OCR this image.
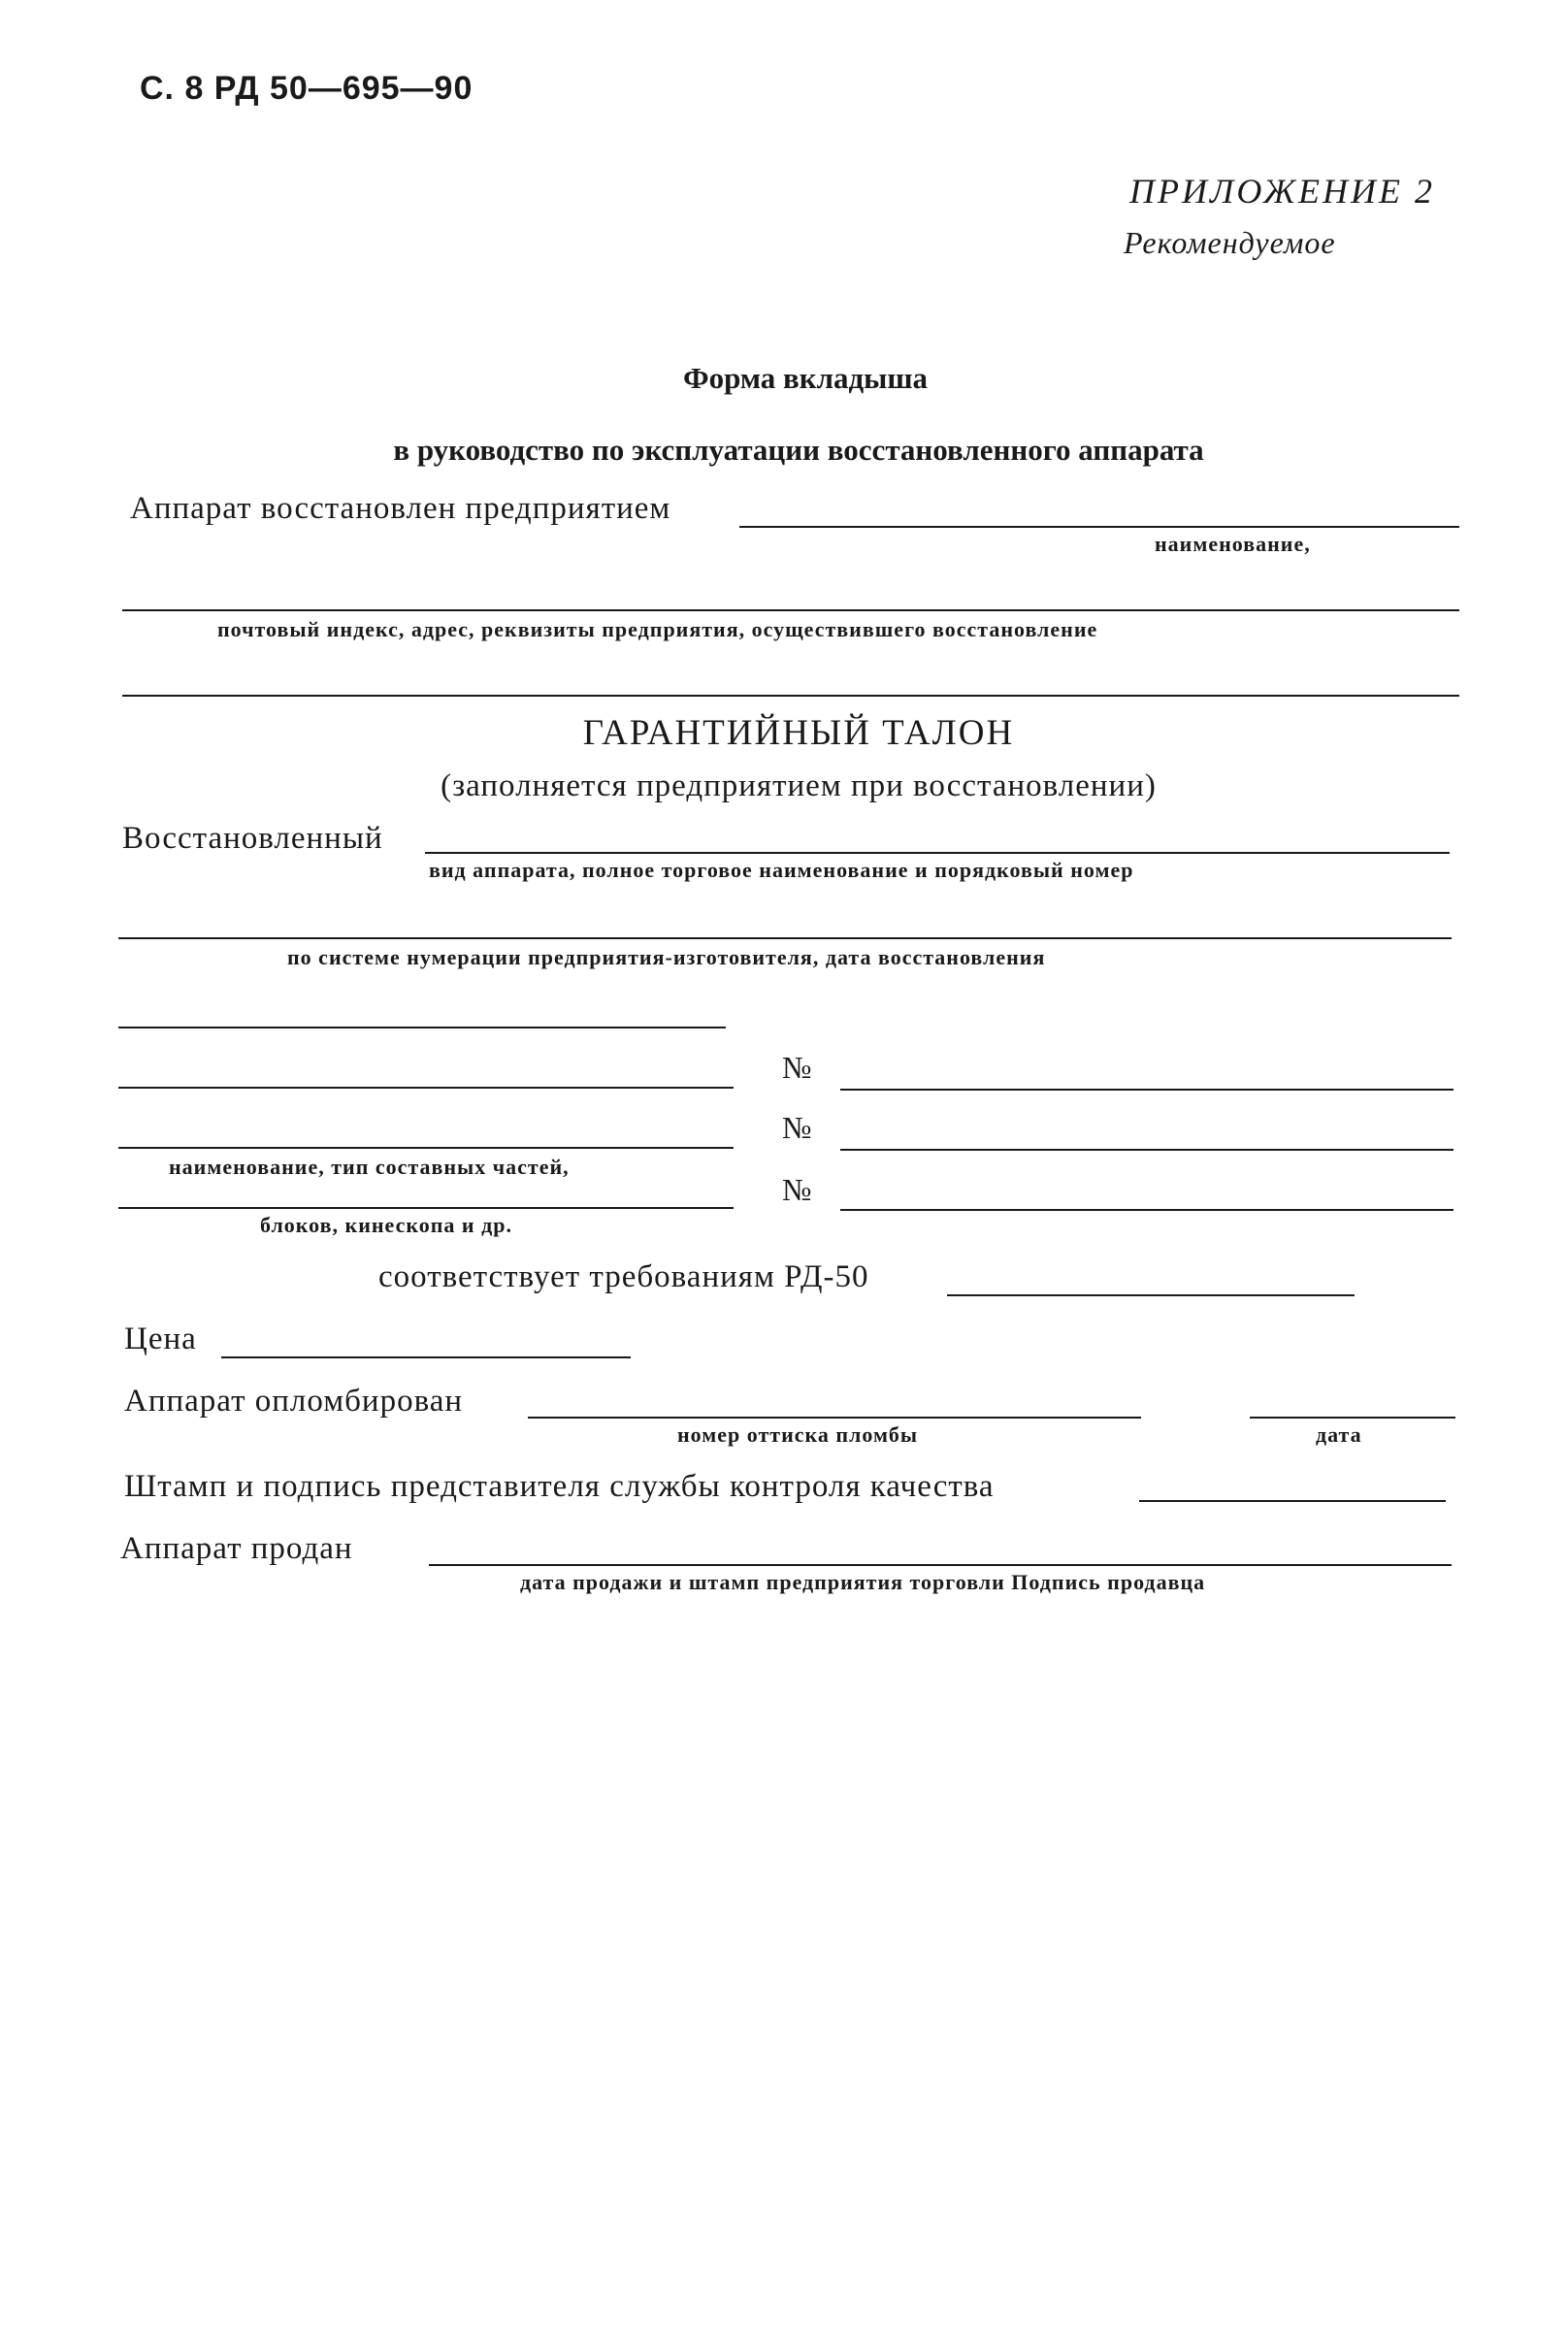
С. 8 РД 50—695—90
ПРИЛОЖЕНИЕ 2
Рекомендуемое
Форма вкладыша
в руководство по эксплуатации восстановленного аппарата
Аппарат восстановлен предприятием
наименование,
почтовый индекс, адрес, реквизиты предприятия, осуществившего восстановление
ГАРАНТИЙНЫЙ ТАЛОН
(заполняется предприятием при восстановлении)
Восстановленный
вид аппарата, полное торговое наименование и порядковый номер
по системе нумерации предприятия-изготовителя, дата восстановления
№
№
наименование, тип составных частей,
№
блоков, кинескопа и др.
соответствует требованиям РД-50
Цена
Аппарат опломбирован
номер оттиска пломбы	дата
Штамп и подпись представителя службы контроля качества
Аппарат продан
дата продажи и штамп предприятия торговли Подпись продавца
